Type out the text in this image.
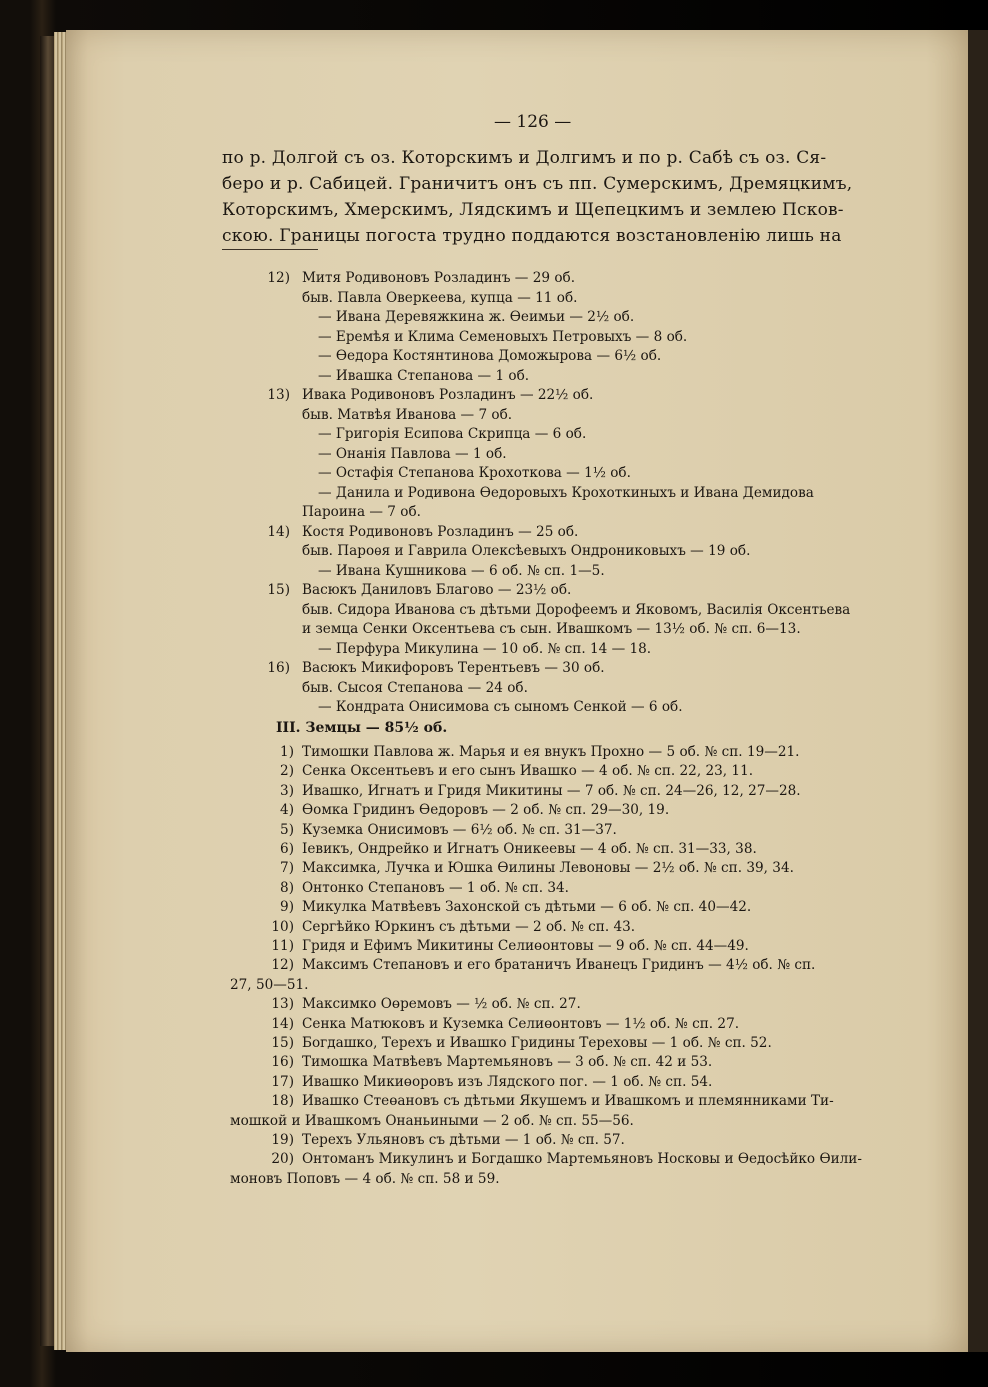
— 126 —
по р. Долгой съ оз. Которскимъ и Долгимъ и по р. Сабѣ съ оз. Ся-
беро и р. Сабицей. Граничитъ онъ съ пп. Сумерскимъ, Дремяцкимъ,
Которскимъ, Хмерскимъ, Лядскимъ и Щепецкимъ и землею Псков-
скою. Границы погоста трудно поддаются возстановленію лишь на
12) Митя Родивоновъ Розладинъ — 29 об.
быв. Павла Оверкеева, купца — 11 об.
— Ивана Деревяжкина ж. Өеимьи — 2½ об.
— Еремѣя и Клима Семеновыхъ Петровыхъ — 8 об.
— Өедора Костянтинова Доможырова — 6½ об.
— Ивашка Степанова — 1 об.
13) Ивака Родивоновъ Розладинъ — 22½ об.
быв. Матвѣя Иванова — 7 об.
— Григорія Есипова Скрипца — 6 об.
— Онанія Павлова — 1 об.
— Остафія Степанова Крохоткова — 1½ об.
— Данила и Родивона Өедоровыхъ Крохоткиныхъ и Ивана Демидова
Пароина — 7 об.
14) Костя Родивоновъ Розладинъ — 25 об.
быв. Пароѳя и Гаврила Олексѣевыхъ Ондрониковыхъ — 19 об.
— Ивана Кушникова — 6 об. № сп. 1—5.
15) Васюкъ Даниловъ Благово — 23½ об.
быв. Сидора Иванова съ дѣтьми Дорофеемъ и Яковомъ, Василія Оксентьева
и земца Сенки Оксентьева съ сын. Ивашкомъ — 13½ об. № сп. 6—13.
— Перфура Микулина — 10 об. № сп. 14 — 18.
16) Васюкъ Микифоровъ Терентьевъ — 30 об.
быв. Сысоя Степанова — 24 об.
— Кондрата Онисимова съ сыномъ Сенкой — 6 об.
III. Земцы — 85½ об.
1) Тимошки Павлова ж. Марья и ея внукъ Прохно — 5 об. № сп. 19—21.
2) Сенка Оксентьевъ и его сынъ Ивашко — 4 об. № сп. 22, 23, 11.
3) Ивашко, Игнатъ и Гридя Микитины — 7 об. № сп. 24—26, 12, 27—28.
4) Өомка Гридинъ Өедоровъ — 2 об. № сп. 29—30, 19.
5) Куземка Онисимовъ — 6½ об. № сп. 31—37.
6) Іевикъ, Ондрейко и Игнатъ Оникеевы — 4 об. № сп. 31—33, 38.
7) Максимка, Лучка и Юшка Өилины Левоновы — 2½ об. № сп. 39, 34.
8) Онтонко Степановъ — 1 об. № сп. 34.
9) Микулка Матвѣевъ Захонской съ дѣтьми — 6 об. № сп. 40—42.
10) Сергѣйко Юркинъ съ дѣтьми — 2 об. № сп. 43.
11) Гридя и Ефимъ Микитины Селиөонтовы — 9 об. № сп. 44—49.
12) Максимъ Степановъ и его братаничъ Иванецъ Гридинъ — 4½ об. № сп.
27, 50—51.
13) Максимко Оөремовъ — ½ об. № сп. 27.
14) Сенка Матюковъ и Куземка Селиөонтовъ — 1½ об. № сп. 27.
15) Богдашко, Терехъ и Ивашко Гридины Тереховы — 1 об. № сп. 52.
16) Тимошка Матвѣевъ Мартемьяновъ — 3 об. № сп. 42 и 53.
17) Ивашко Микиөоровъ изъ Лядского пог. — 1 об. № сп. 54.
18) Ивашко Стеөановъ съ дѣтьми Якушемъ и Ивашкомъ и племянниками Ти-
мошкой и Ивашкомъ Онаньиными — 2 об. № сп. 55—56.
19) Терехъ Ульяновъ съ дѣтьми — 1 об. № сп. 57.
20) Онтоманъ Микулинъ и Богдашко Мартемьяновъ Носковы и Өедосѣйко Өили-
моновъ Поповъ — 4 об. № сп. 58 и 59.
